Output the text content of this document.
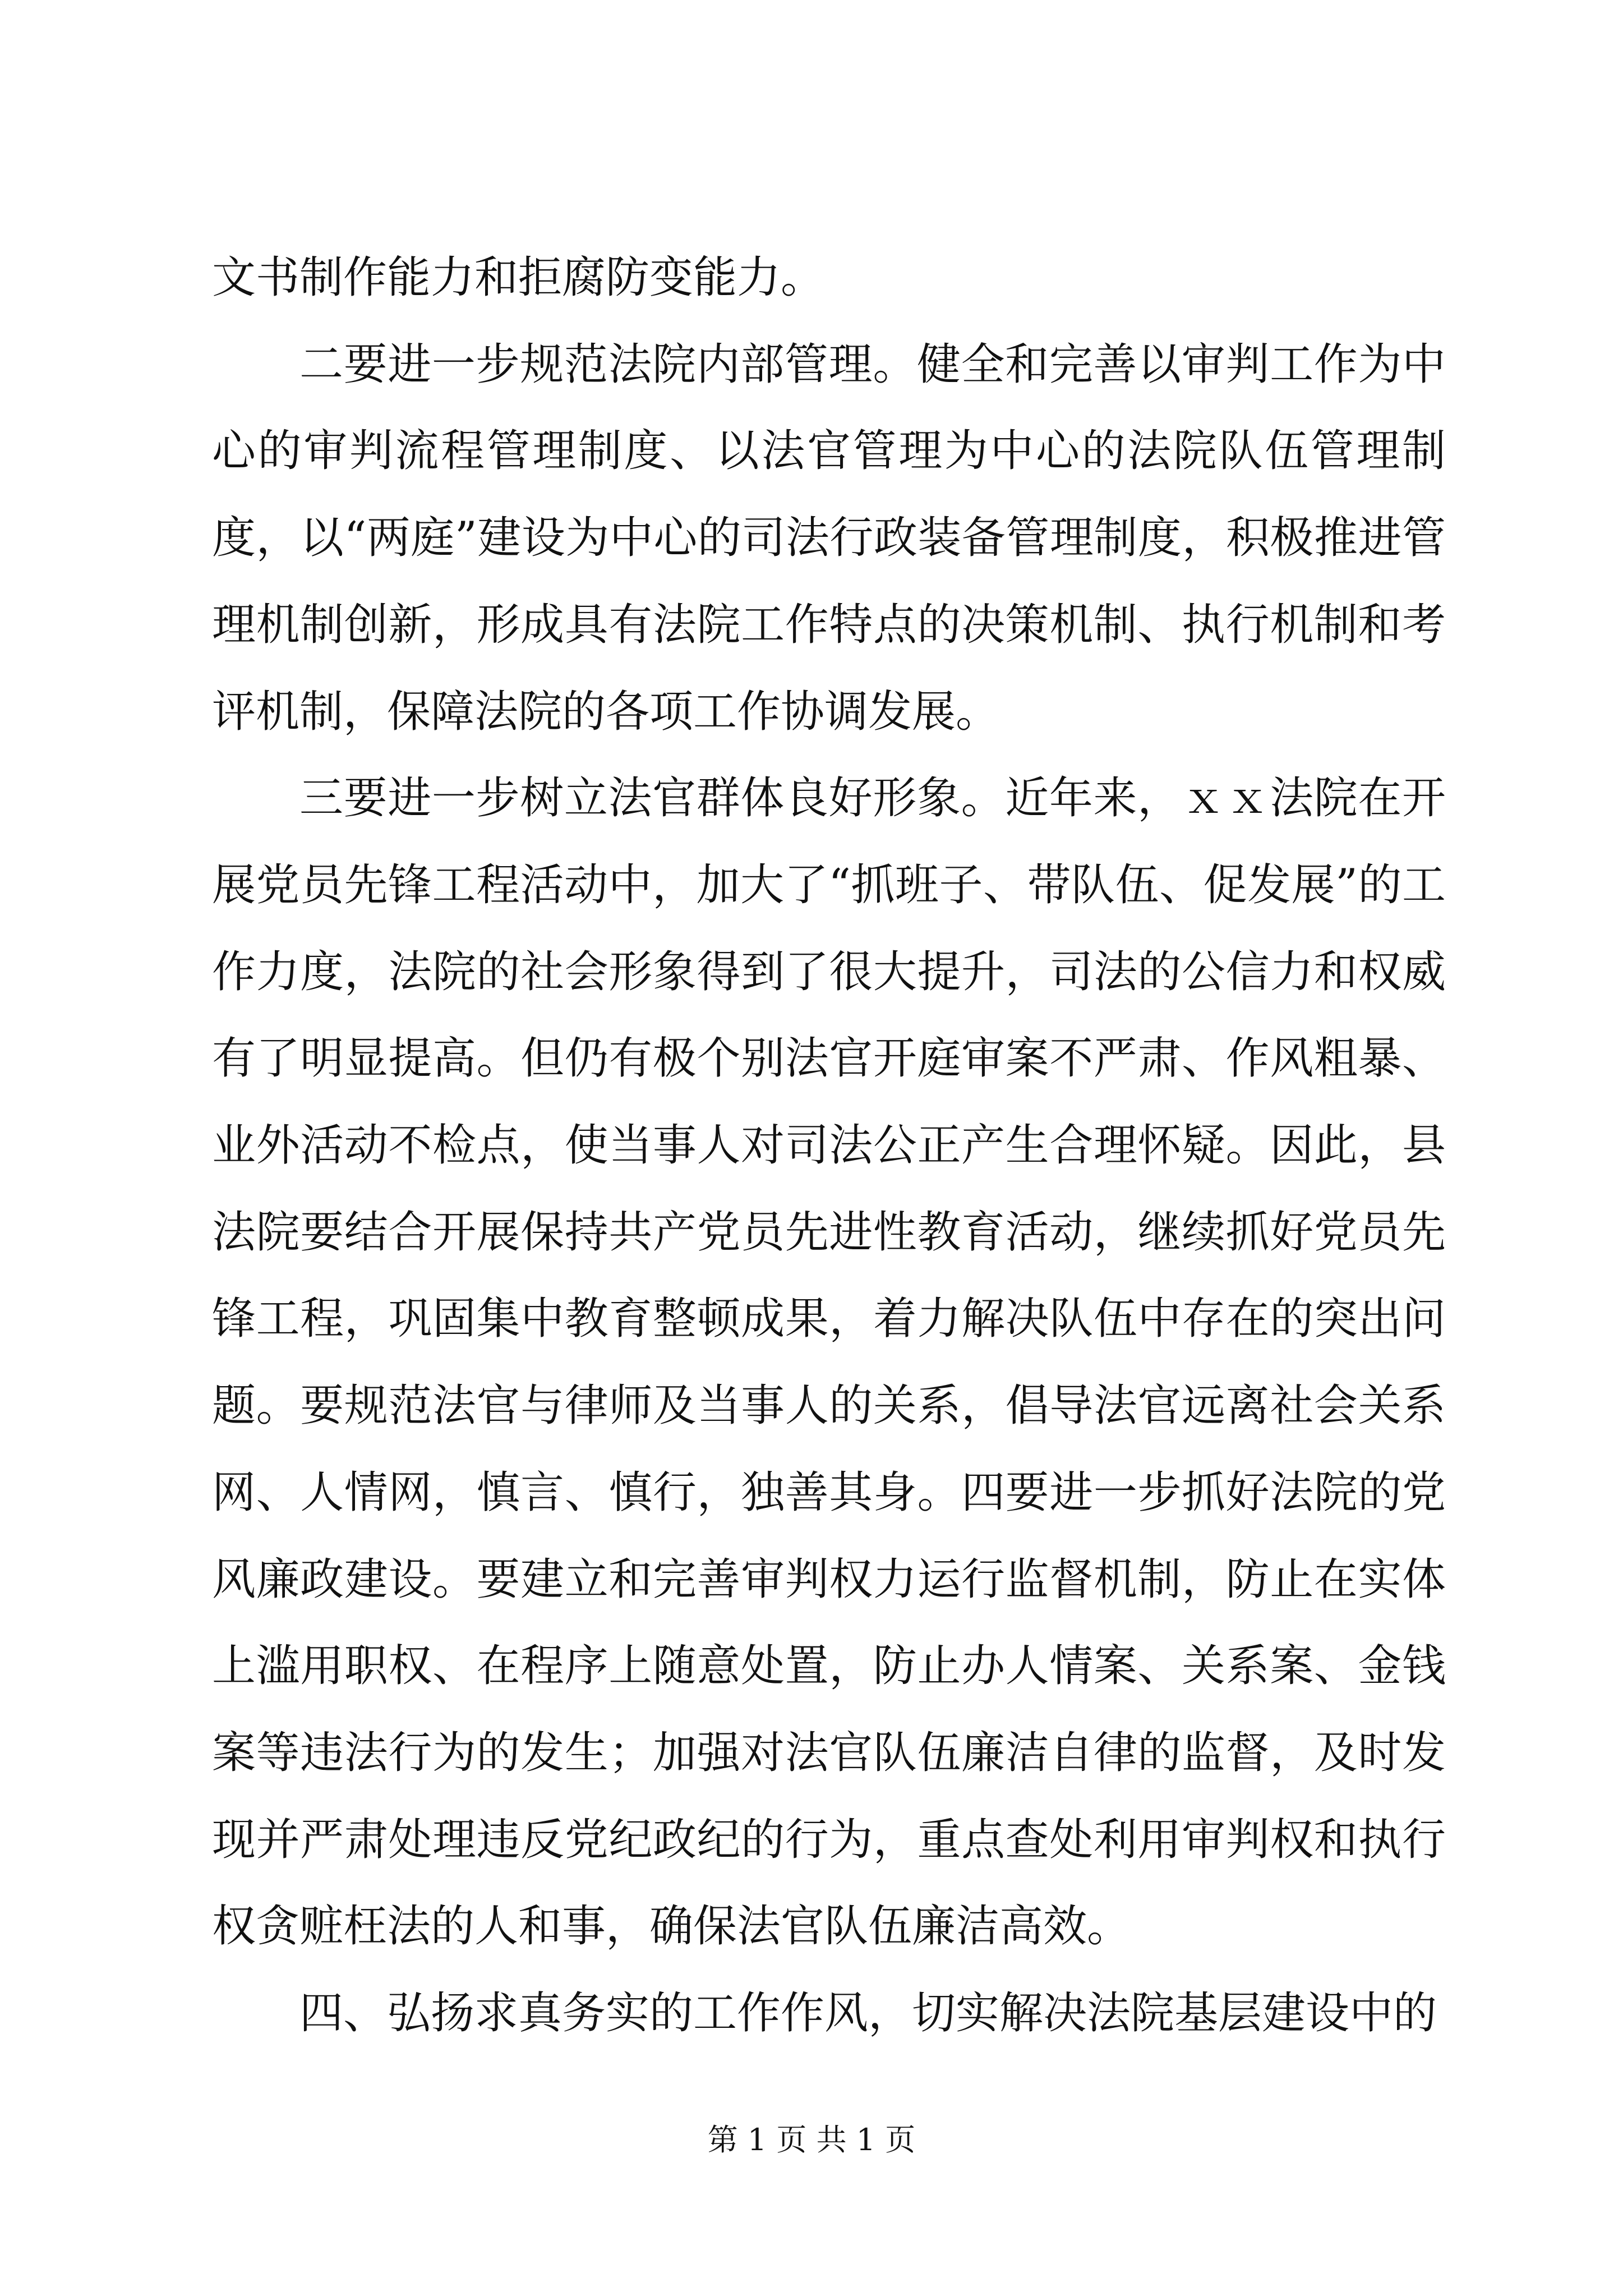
文书制作能力和拒腐防变能力。

二要进一步规范法院内部管理。健全和完善以审判工作为中心的审判流程管理制度、以法官管理为中心的法院队伍管理制度，以“两庭”建设为中心的司法行政装备管理制度，积极推进管理机制创新，形成具有法院工作特点的决策机制、执行机制和考评机制，保障法院的各项工作协调发展。

三要进一步树立法官群体良好形象。近年来，ｘｘ法院在开展党员先锋工程活动中，加大了“抓班子、带队伍、促发展”的工作力度，法院的社会形象得到了很大提升，司法的公信力和权威有了明显提高。但仍有极个别法官开庭审案不严肃、作风粗暴、业外活动不检点，使当事人对司法公正产生合理怀疑。因此，县法院要结合开展保持共产党员先进性教育活动，继续抓好党员先锋工程，巩固集中教育整顿成果，着力解决队伍中存在的突出问题。要规范法官与律师及当事人的关系，倡导法官远离社会关系网、人情网，慎言、慎行，独善其身。四要进一步抓好法院的党风廉政建设。要建立和完善审判权力运行监督机制，防止在实体上滥用职权、在程序上随意处置，防止办人情案、关系案、金钱案等违法行为的发生；加强对法官队伍廉洁自律的监督，及时发现并严肃处理违反党纪政纪的行为，重点查处利用审判权和执行权贪赃枉法的人和事，确保法官队伍廉洁高效。

四、弘扬求真务实的工作作风，切实解决法院基层建设中的

第 1 页 共 1 页
